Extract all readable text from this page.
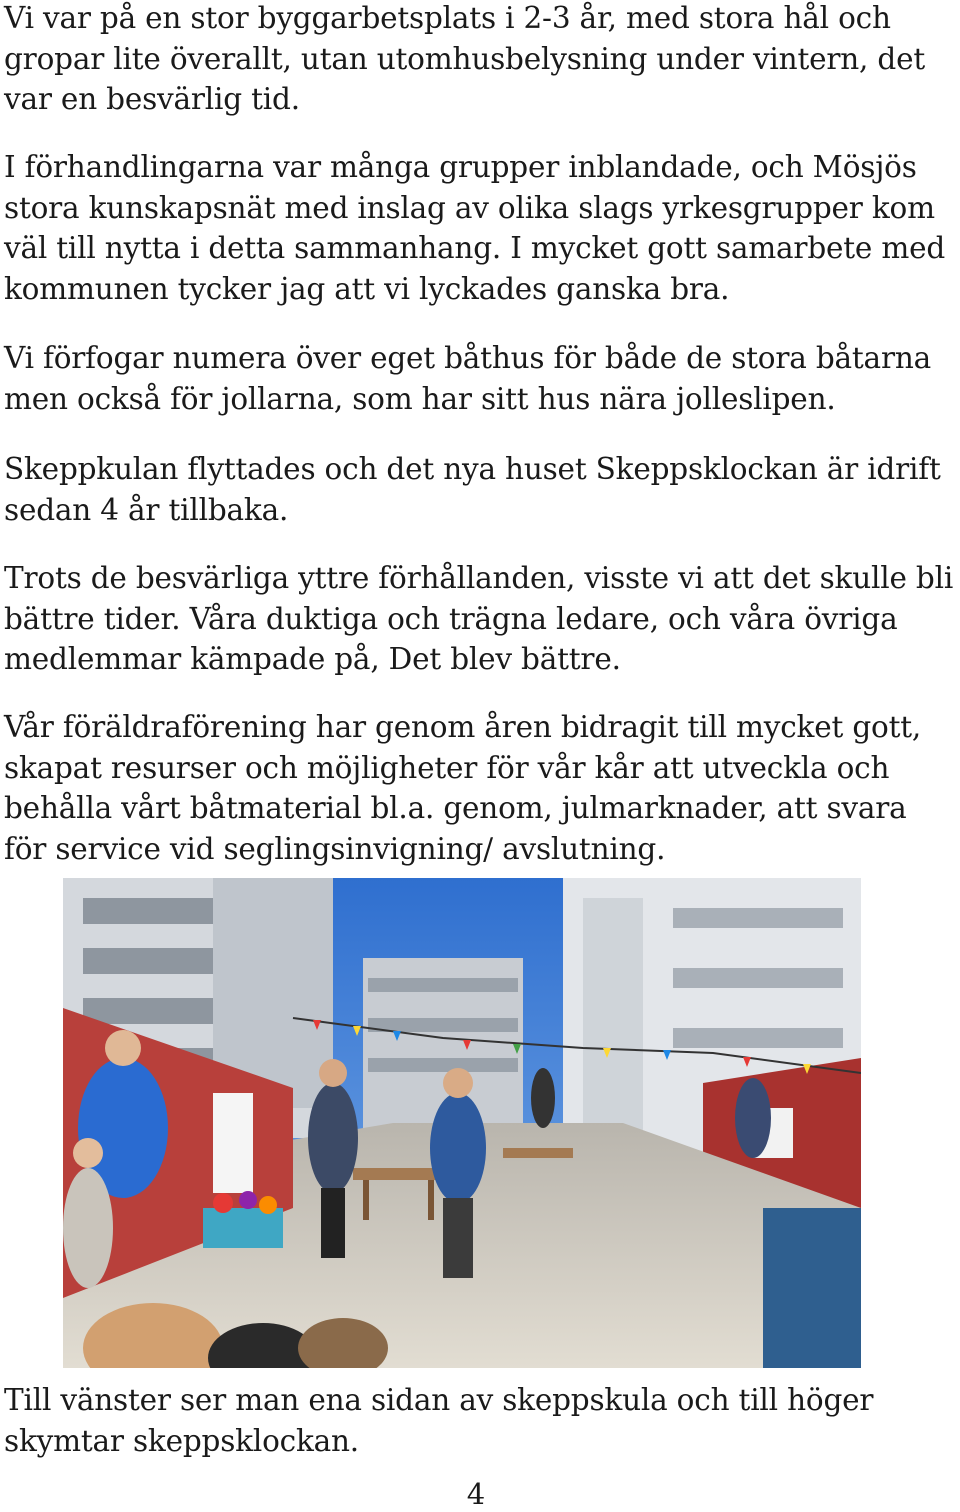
Vi var på en stor byggarbetsplats i 2-3 år, med stora hål och gropar lite överallt, utan utomhusbelysning under vintern, det var en besvärlig tid.

I förhandlingarna var många grupper inblandade, och Mösjös stora kunskapsnät med inslag av olika slags yrkesgrupper kom väl till nytta i detta sammanhang. I mycket gott samarbete med kommunen tycker jag att vi lyckades ganska bra.

Vi förfogar numera över eget båthus för både de stora båtarna men också för jollarna, som har sitt hus nära jolleslipen.

Skeppkulan flyttades och det nya huset Skeppsklockan är idrift sedan 4 år tillbaka.

Trots de besvärliga yttre förhållanden, visste vi att det skulle bli bättre tider. Våra duktiga och trägna ledare, och våra övriga medlemmar kämpade på, Det blev bättre.

Vår föräldraförening har genom åren bidragit till mycket gott, skapat resurser och möjligheter för vår kår att utveckla och behålla vårt båtmaterial bl.a. genom, julmarknader, att svara för service vid seglingsinvigning/ avslutning.

Till vänster ser man ena sidan av skeppskula och till höger skymtar skeppsklockan.

4
